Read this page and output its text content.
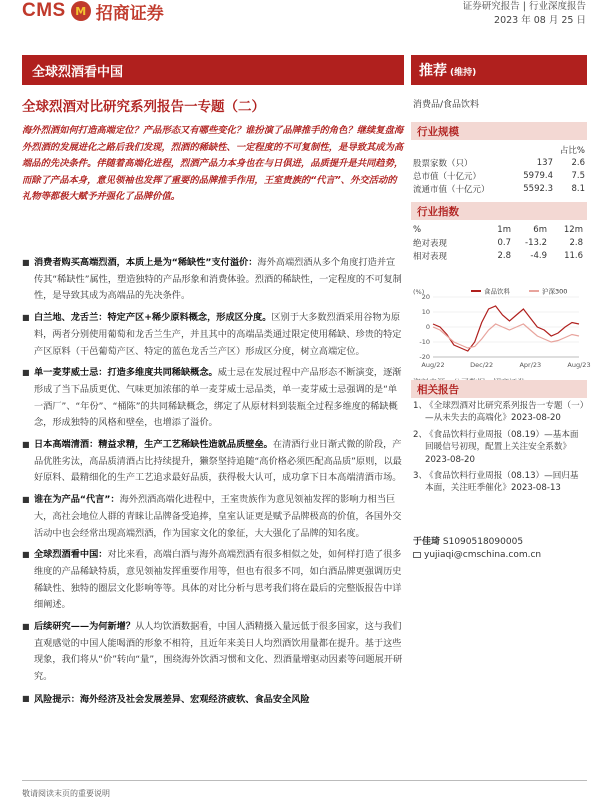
CMS M 招商证券	证券研究报告 | 行业深度报告
2023 年 08 月 25 日
全球烈酒看中国	推荐 (维持)
全球烈酒对比研究系列报告一专题（二）	消费品/食品饮料
海外烈酒如何打造高端定位？产品形态又有哪些变化？谁扮演了品牌推手的角色？继续复盘海外烈酒的发展进化之路后我们发现，烈酒的稀缺性、一定程度的不可复制性，是导致其成为高端品的先决条件。伴随着高端化进程，烈酒产品力本身也在与日俱进，品质提升是共同趋势，而除了产品本身，意见领袖也发挥了重要的品牌推手作用，王室贵族的“代言”、外交活动的礼物等都极大赋予并强化了品牌价值。
■ 消费者购买高端烈酒，本质上是为“稀缺性”支付溢价：海外高端烈酒从多个角度打造并宣传其“稀缺性”属性，塑造独特的产品形象和消费体验。烈酒的稀缺性，一定程度的不可复制性，是导致其成为高端品的先决条件。
■ 白兰地、龙舌兰：特定产区+稀少原料概念，形成区分度。区别于大多数烈酒采用谷物为原料，两者分别使用葡萄和龙舌兰生产，并且其中的高端品类通过限定使用稀缺、珍贵的特定产区原料（干邑葡萄产区、特定的蓝色龙舌兰产区）形成区分度，树立高端定位。
■ 单一麦芽威士忌：打造多维度共同稀缺概念。威士忌在发展过程中产品形态不断演变，逐渐形成了当下品质更优、气味更加浓郁的单一麦芽威士忌品类，单一麦芽威士忌强调的是“单一酒厂”、“年份”、“桶陈”的共同稀缺概念，绑定了从原材料到装瓶全过程多维度的稀缺概念，形成独特的风格和壁垒，也增添了溢价。
■ 日本高端清酒：精益求精，生产工艺稀缺性造就品质壁垒。在清酒行业日渐式微的阶段，产品优胜劣汰，高品质清酒占比持续提升，獭祭坚持追随“高价格必须匹配高品质”原则，以最好原料、最精细化的生产工艺追求最好品质，获得极大认可，成功拿下日本高端清酒市场。
■ 谁在为产品“代言”：海外烈酒高端化进程中，王室贵族作为意见领袖发挥的影响力相当巨大，高社会地位人群的青睐让品牌备受追捧，皇室认证更是赋予品牌极高的价值，各国外交活动中也会经常出现高端烈酒，作为国家文化的象征，大大强化了品牌的知名度。
■ 全球烈酒看中国：对比来看，高端白酒与海外高端烈酒有很多相似之处，如何样打造了很多维度的产品稀缺特质，意见领袖发挥重要作用等，但也有很多不同，如白酒品牌更强调历史稀缺性、独特的圈层文化影响等等。具体的对比分析与思考我们将在最后的完整版报告中详细阐述。
■ 后续研究——为何新增？从人均饮酒数据看，中国人酒精摄入量远低于很多国家，这与我们直观感觉的中国人能喝酒的形象不相符，且近年来美日人均烈酒饮用量都在提升。基于这些现象，我们将从“价”转向“量”，围绕海外饮酒习惯和文化、烈酒量增驱动因素等问题展开研究。
■ 风险提示：海外经济及社会发展差异、宏观经济疲软、食品安全风险
行业规模
占比%
股票家数（只）	137	2.6
总市值（十亿元）	5979.4	7.5
流通市值（十亿元）	5592.3	8.1
行业指数
%	1m	6m	12m
绝对表现	0.7	-13.2	2.8
相对表现	2.8	-4.9	11.6
(%)	食品饮料	沪深300
20
10
0
-10
-20
Aug/22	Dec/22	Apr/23	Aug/23
相关报告
1、
《全球烈酒对比研究系列报告一专题（一）—从未失去的高端化》2023-08-20
2、
《食品饮料行业周报（08.19）—基本面回暖信号初现，配置上关注安全系数》2023-08-20
3、
《食品饮料行业周报（08.13）—回归基本面，关注旺季催化》2023-08-13
于佳琦 S1090518090005
yujiaqi@cmschina.com.cn
敬请阅读末页的重要说明
